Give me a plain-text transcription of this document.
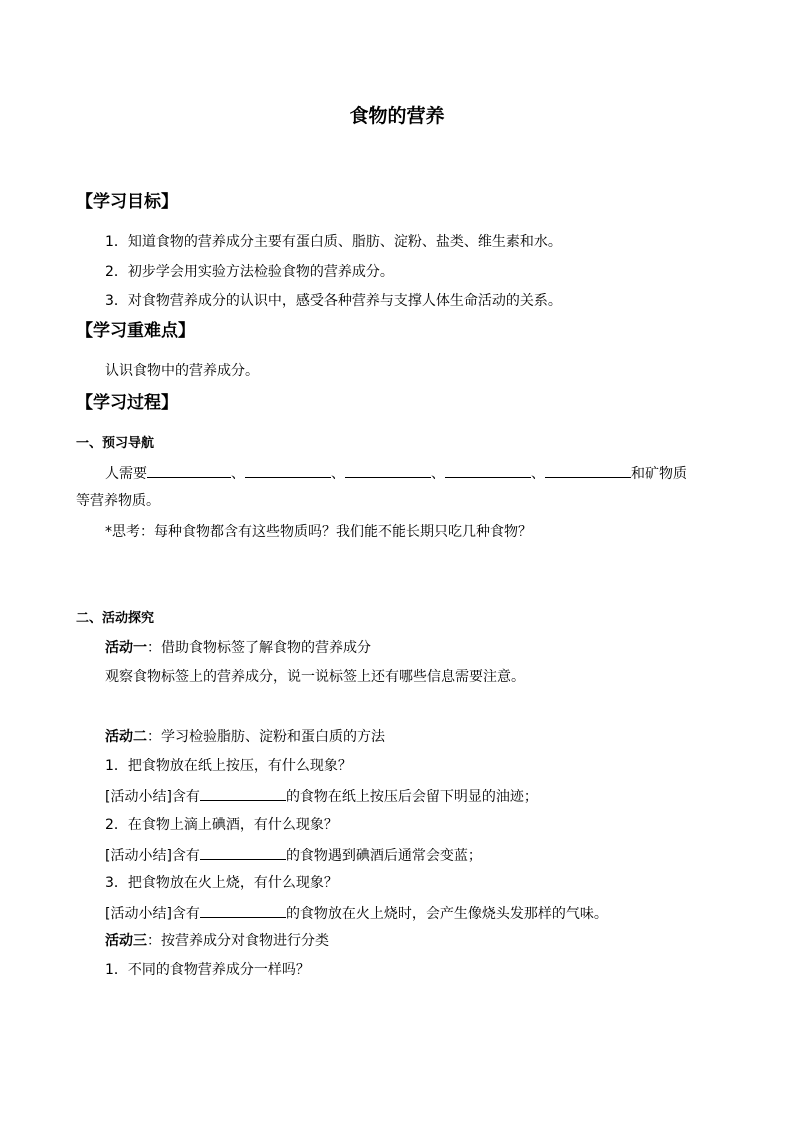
食物的营养
【学习目标】
1．知道食物的营养成分主要有蛋白质、脂肪、淀粉、盐类、维生素和水。
2．初步学会用实验方法检验食物的营养成分。
3．对食物营养成分的认识中，感受各种营养与支撑人体生命活动的关系。
【学习重难点】
认识食物中的营养成分。
【学习过程】
一、预习导航
人需要	、	、	、	、	和矿物质
等营养物质。
*思考：每种食物都含有这些物质吗？我们能不能长期只吃几种食物？
二、活动探究
活动一：借助食物标签了解食物的营养成分
观察食物标签上的营养成分，说一说标签上还有哪些信息需要注意。
活动二：学习检验脂肪、淀粉和蛋白质的方法
1．把食物放在纸上按压，有什么现象？
[活动小结]含有	的食物在纸上按压后会留下明显的油迹；
2．在食物上滴上碘酒，有什么现象？
[活动小结]含有	的食物遇到碘酒后通常会变蓝；
3．把食物放在火上烧，有什么现象？
[活动小结]含有	的食物放在火上烧时，会产生像烧头发那样的气味。
活动三：按营养成分对食物进行分类
1．不同的食物营养成分一样吗？
